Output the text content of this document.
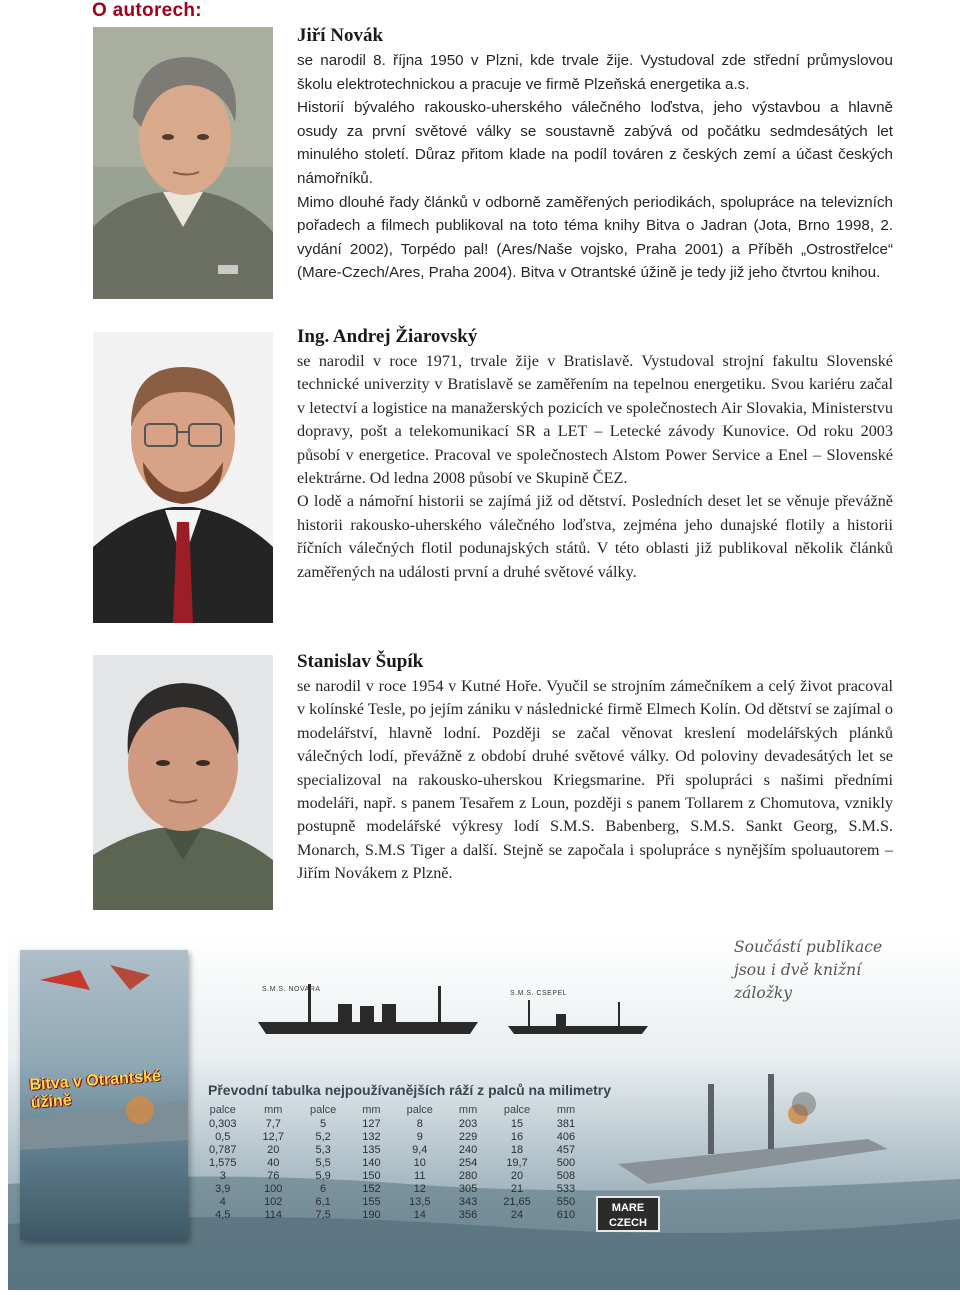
O autorech:
Jiří Novák

se narodil 8. října 1950 v Plzni, kde trvale žije. Vystudoval zde střední průmyslovou školu elektrotechnickou a pracuje ve firmě Plzeňská energetika a.s.

Historií bývalého rakousko-uherského válečného loďstva, jeho výstavbou a hlavně osudy za první světové války se soustavně zabývá od počátku sedmdesátých let minulého století. Důraz přitom klade na podíl továren z českých zemí a účast českých námořníků.

Mimo dlouhé řady článků v odborně zaměřených periodikách, spolupráce na televizních pořadech a filmech publikoval na toto téma knihy Bitva o Jadran (Jota, Brno 1998, 2. vydání 2002), Torpédo pal! (Ares/Naše vojsko, Praha 2001) a Příběh „Ostrostřelce“ (Mare-Czech/Ares, Praha 2004). Bitva v Otrantské úžině je tedy již jeho čtvrtou knihou.

Ing. Andrej Žiarovský

se narodil v roce 1971, trvale žije v Bratislavě. Vystudoval strojní fakultu Slovenské technické univerzity v Bratislavě se zaměřením na tepelnou energetiku. Svou kariéru začal v letectví a logistice na manažerských pozicích ve společnostech Air Slovakia, Ministerstvu dopravy, pošt a telekomunikací SR a LET – Letecké závody Kunovice. Od roku 2003 působí v energetice. Pracoval ve společnostech Alstom Power Service a Enel – Slovenské elektrárne. Od ledna 2008 působí ve Skupině ČEZ.

O lodě a námořní historii se zajímá již od dětství. Posledních deset let se věnuje převážně historii rakousko-uherského válečného loďstva, zejména jeho dunajské flotily a historii říčních válečných flotil podunajských států. V této oblasti již publikoval několik článků zaměřených na události první a druhé světové války.

Stanislav Šupík

se narodil v roce 1954 v Kutné Hoře. Vyučil se strojním zámečníkem a celý život pracoval v kolínské Tesle, po jejím zániku v následnické firmě Elmech Kolín. Od dětství se zajímal o modelářství, hlavně lodní. Později se začal věnovat kreslení modelářských plánků válečných lodí, převážně z období druhé světové války. Od poloviny devadesátých let se specializoval na rakousko-uherskou Kriegsmarine. Při spolupráci s našimi předními modeláři, např. s panem Tesařem z Loun, později s panem Tollarem z Chomutova, vznikly postupně modelářské výkresy lodí S.M.S. Babenberg, S.M.S. Sankt Georg, S.M.S. Monarch, S.M.S Tiger a další. Stejně se započala i spolupráce s nynějším spoluautorem – Jiřím Novákem z Plzně.

S.M.S. NOVARA
S.M.S. CSEPEL
Bitva v Otrantské úžině
Součástí publikace jsou i dvě knižní záložky
Převodní tabulka nejpoužívanějších ráží z palců na milimetry
palce	mm	palce	mm	palce	mm	palce	mm
0,303	7,7	5	127	8	203	15	381
0,5	12,7	5,2	132	9	229	16	406
0,787	20	5,3	135	9,4	240	18	457
1,575	40	5,5	140	10	254	19,7	500
3	76	5,9	150	11	280	20	508
3,9	100	6	152	12	305	21	533
4	102	6,1	155	13,5	343	21,65	550
4,5	114	7,5	190	14	356	24	610
MARE
CZECH
